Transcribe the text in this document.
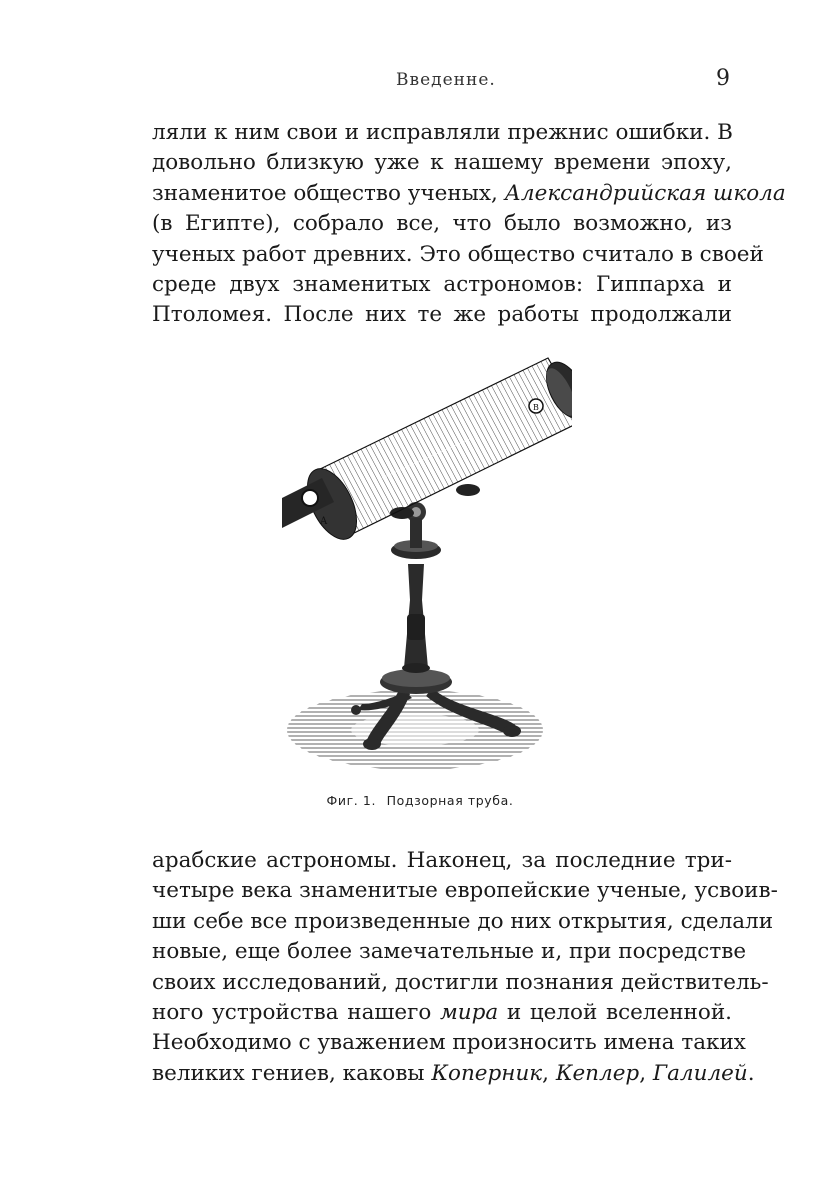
Введенне.	9
ляли к ним свои и исправляли прежнис ошибки. В
довольно близкую уже к нашему времени эпоху,
знаменитое общество ученых, Александрийская школа
(в Египте), собрало все, что было возможно, из
ученых работ древних. Это общество считало в своей
среде двух знаменитых астрономов: Гиппарха и
Птоломея. После них те же работы продолжали
A
B
Фиг. 1. Подзорная труба.
арабские астрономы. Наконец, за последние три-
четыре века знаменитые европейские ученые, усвоив-
ши себе все произведенные до них открытия, сделали
новые, еще более замечательные и, при посредстве
своих исследований, достигли познания действитель-
ного устройства нашего мира и целой вселенной.
Необходимо с уважением произносить имена таких
великих гениев, каковы Коперник, Кеплер, Галилей.
